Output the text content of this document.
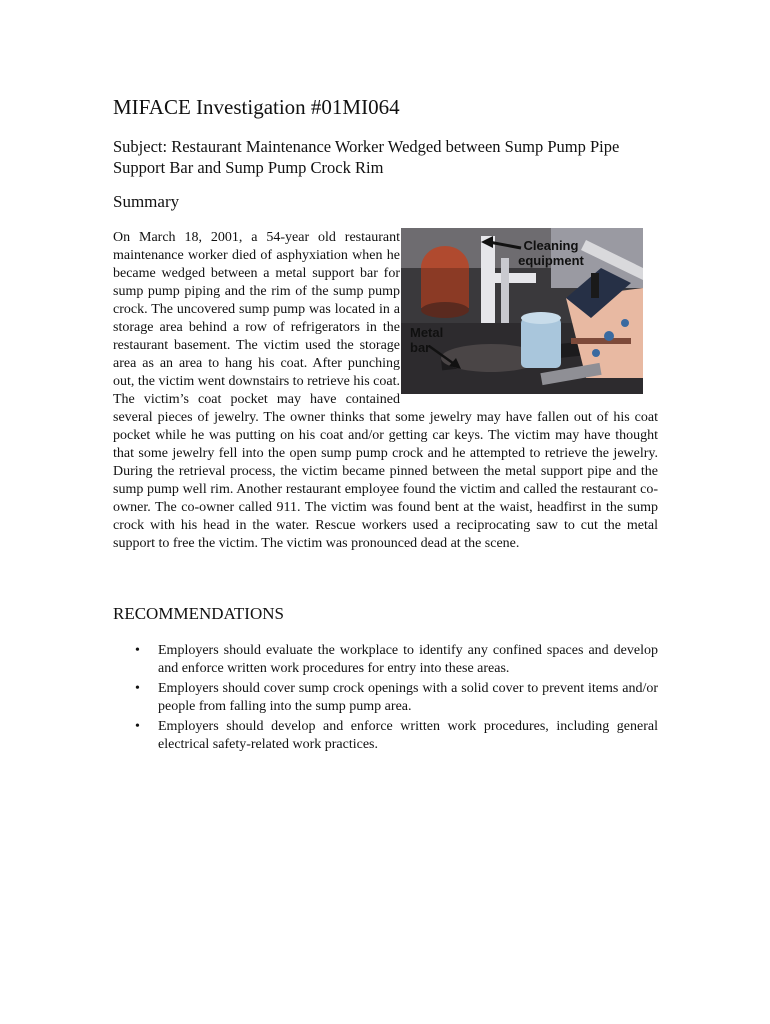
MIFACE Investigation #01MI064
Subject: Restaurant Maintenance Worker Wedged between Sump Pump Pipe Support Bar and Sump Pump Crock Rim
Summary
Cleaning equipment
Metal bar

On March 18, 2001, a 54-year old restaurant maintenance worker died of asphyxiation when he became wedged between a metal support bar for sump pump piping and the rim of the sump pump crock. The uncovered sump pump was located in a storage area behind a row of refrigerators in the restaurant basement. The victim used the storage area as an area to hang his coat. After punching out, the victim went downstairs to retrieve his coat. The victim’s coat pocket may have contained several pieces of jewelry. The owner thinks that some jewelry may have fallen out of his coat pocket while he was putting on his coat and/or getting car keys. The victim may have thought that some jewelry fell into the open sump pump crock and he attempted to retrieve the jewelry. During the retrieval process, the victim became pinned between the metal support pipe and the sump pump well rim. Another restaurant employee found the victim and called the restaurant co-owner. The co-owner called 911. The victim was found bent at the waist, headfirst in the sump crock with his head in the water. Rescue workers used a reciprocating saw to cut the metal support to free the victim. The victim was pronounced dead at the scene.

RECOMMENDATIONS
• Employers should evaluate the workplace to identify any confined spaces and develop and enforce written work procedures for entry into these areas.
• Employers should cover sump crock openings with a solid cover to prevent items and/or people from falling into the sump pump area.
• Employers should develop and enforce written work procedures, including general electrical safety-related work practices.
